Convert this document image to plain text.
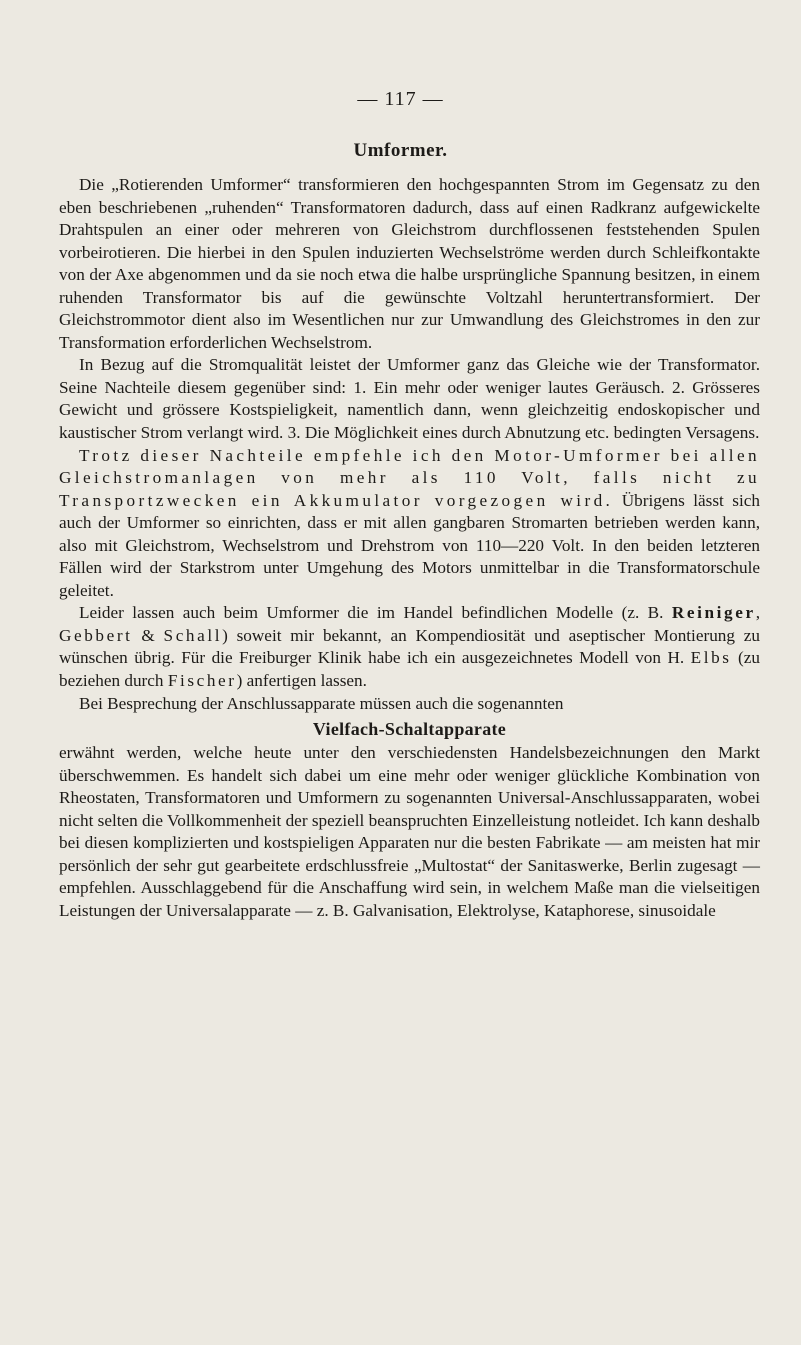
— 117 —
Umformer.

Die „Rotierenden Umformer“ transformieren den hochgespannten Strom im Gegensatz zu den eben beschriebenen „ruhenden“ Transformatoren dadurch, dass auf einen Radkranz aufgewickelte Drahtspulen an einer oder mehreren von Gleichstrom durchflossenen feststehenden Spulen vorbeirotieren. Die hierbei in den Spulen induzierten Wechselströme werden durch Schleifkontakte von der Axe abgenommen und da sie noch etwa die halbe ursprüngliche Spannung besitzen, in einem ruhenden Transformator bis auf die gewünschte Voltzahl heruntertransformiert. Der Gleichstrommotor dient also im Wesentlichen nur zur Umwandlung des Gleichstromes in den zur Transformation erforderlichen Wechselstrom.

In Bezug auf die Stromqualität leistet der Umformer ganz das Gleiche wie der Transformator. Seine Nachteile diesem gegenüber sind: 1. Ein mehr oder weniger lautes Geräusch. 2. Grösseres Gewicht und grössere Kostspieligkeit, namentlich dann, wenn gleichzeitig endoskopischer und kaustischer Strom verlangt wird. 3. Die Möglichkeit eines durch Abnutzung etc. bedingten Versagens.

Trotz dieser Nachteile empfehle ich den Motor-Umformer bei allen Gleichstromanlagen von mehr als 110 Volt, falls nicht zu Transportzwecken ein Akkumulator vorgezogen wird. Übrigens lässt sich auch der Umformer so einrichten, dass er mit allen gangbaren Stromarten betrieben werden kann, also mit Gleichstrom, Wechselstrom und Drehstrom von 110—220 Volt. In den beiden letzteren Fällen wird der Starkstrom unter Umgehung des Motors unmittelbar in die Transformatorschule geleitet.

Leider lassen auch beim Umformer die im Handel befindlichen Modelle (z. B. Reiniger, Gebbert & Schall) soweit mir bekannt, an Kompendiosität und aseptischer Montierung zu wünschen übrig. Für die Freiburger Klinik habe ich ein ausgezeichnetes Modell von H. Elbs (zu beziehen durch Fischer) anfertigen lassen.

Bei Besprechung der Anschlussapparate müssen auch die sogenannten

Vielfach-Schaltapparate

erwähnt werden, welche heute unter den verschiedensten Handelsbezeichnungen den Markt überschwemmen. Es handelt sich dabei um eine mehr oder weniger glückliche Kombination von Rheostaten, Transformatoren und Umformern zu sogenannten Universal-Anschlussapparaten, wobei nicht selten die Vollkommenheit der speziell beanspruchten Einzelleistung notleidet. Ich kann deshalb bei diesen komplizierten und kostspieligen Apparaten nur die besten Fabrikate — am meisten hat mir persönlich der sehr gut gearbeitete erdschlussfreie „Multostat“ der Sanitaswerke, Berlin zugesagt — empfehlen. Ausschlaggebend für die Anschaffung wird sein, in welchem Maße man die vielseitigen Leistungen der Universalapparate — z. B. Galvanisation, Elektrolyse, Kataphorese, sinusoidale
